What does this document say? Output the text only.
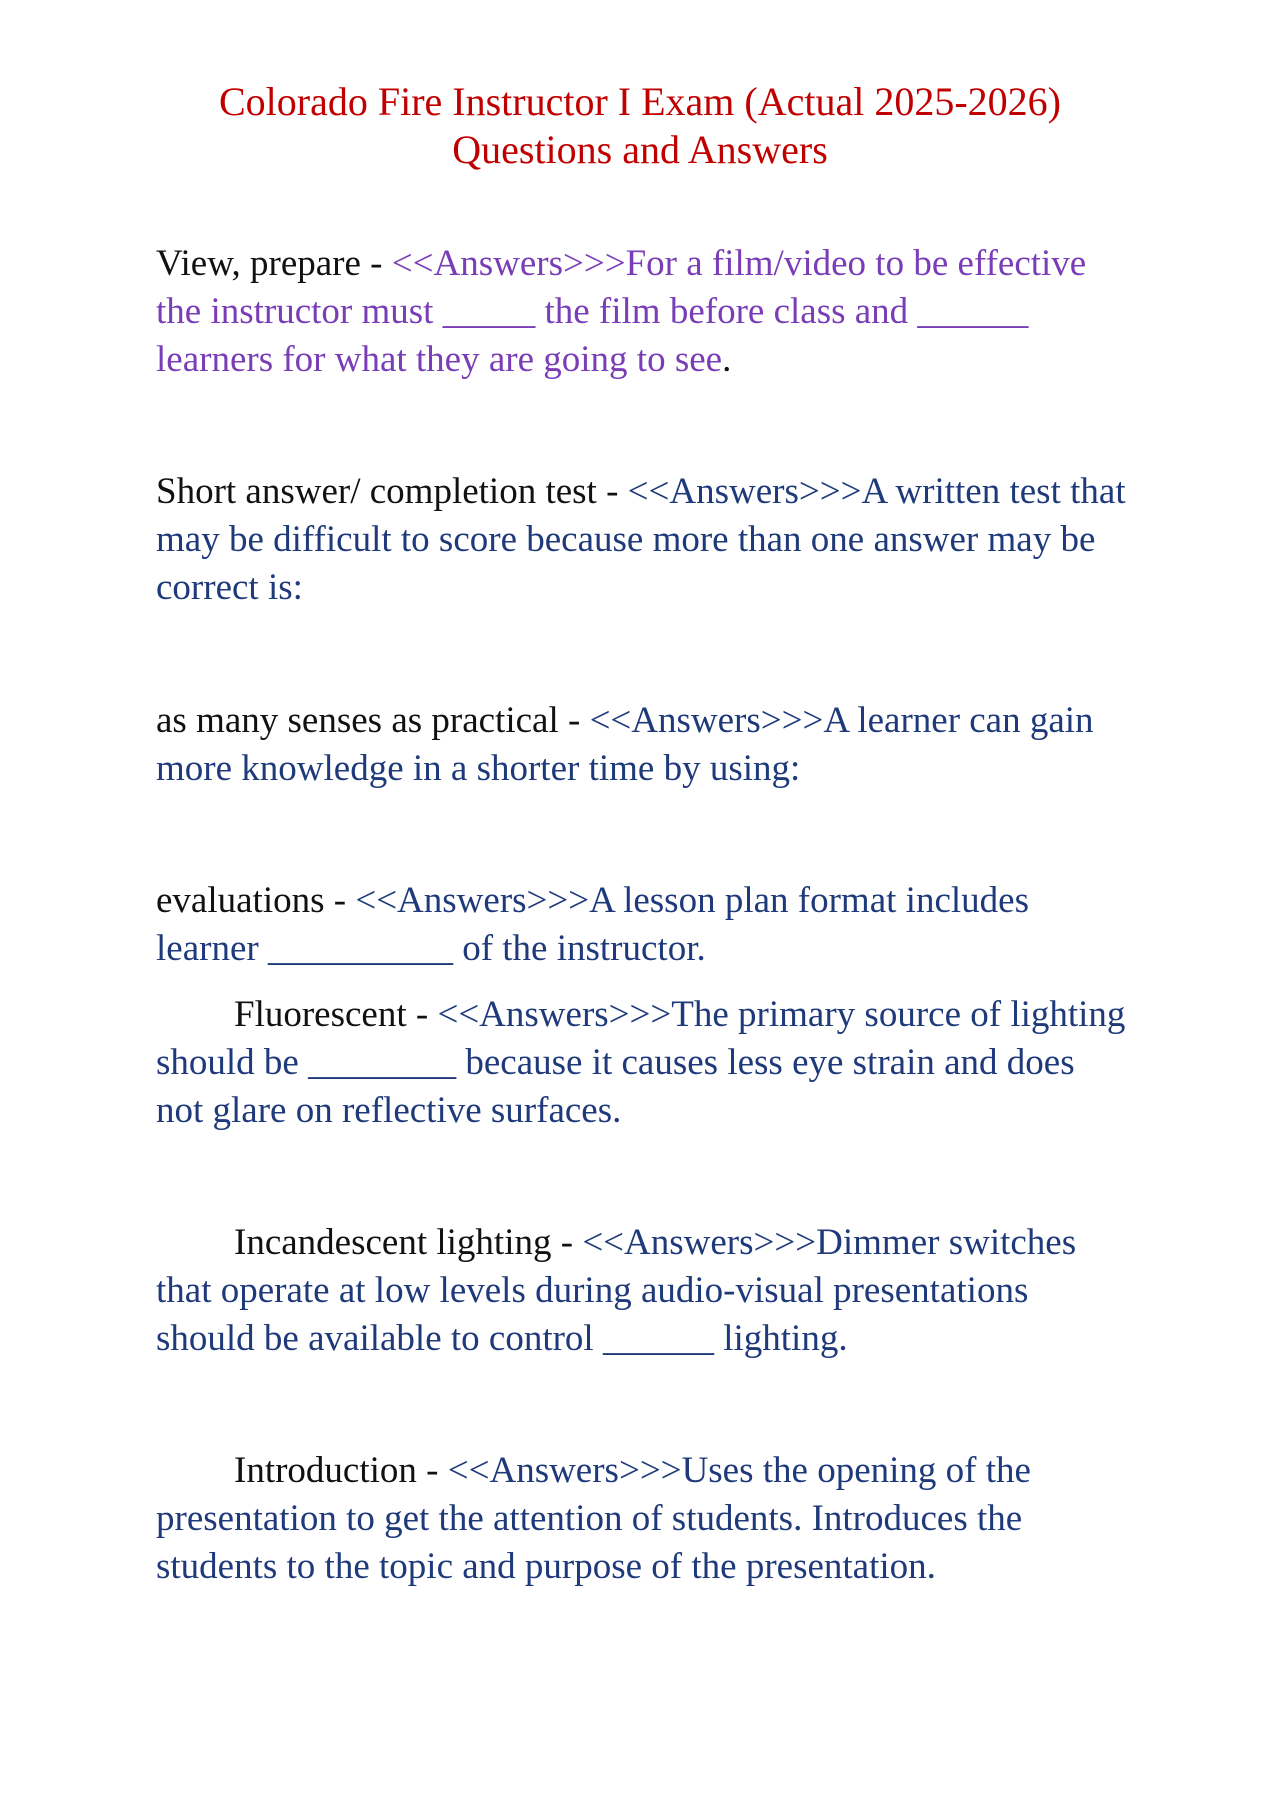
Colorado Fire Instructor I Exam (Actual 2025-2026)
Questions and Answers

View, prepare - <<Answers>>>For a film/video to be effective the instructor must _____ the film before class and ______ learners for what they are going to see.

Short answer/ completion test - <<Answers>>>A written test that may be difficult to score because more than one answer may be correct is:

as many senses as practical - <<Answers>>>A learner can gain more knowledge in a shorter time by using:

evaluations - <<Answers>>>A lesson plan format includes learner __________ of the instructor.

Fluorescent - <<Answers>>>The primary source of lighting should be ________ because it causes less eye strain and does not glare on reflective surfaces.

Incandescent lighting - <<Answers>>>Dimmer switches that operate at low levels during audio-visual presentations should be available to control ______ lighting.

Introduction - <<Answers>>>Uses the opening of the presentation to get the attention of students. Introduces the students to the topic and purpose of the presentation.
